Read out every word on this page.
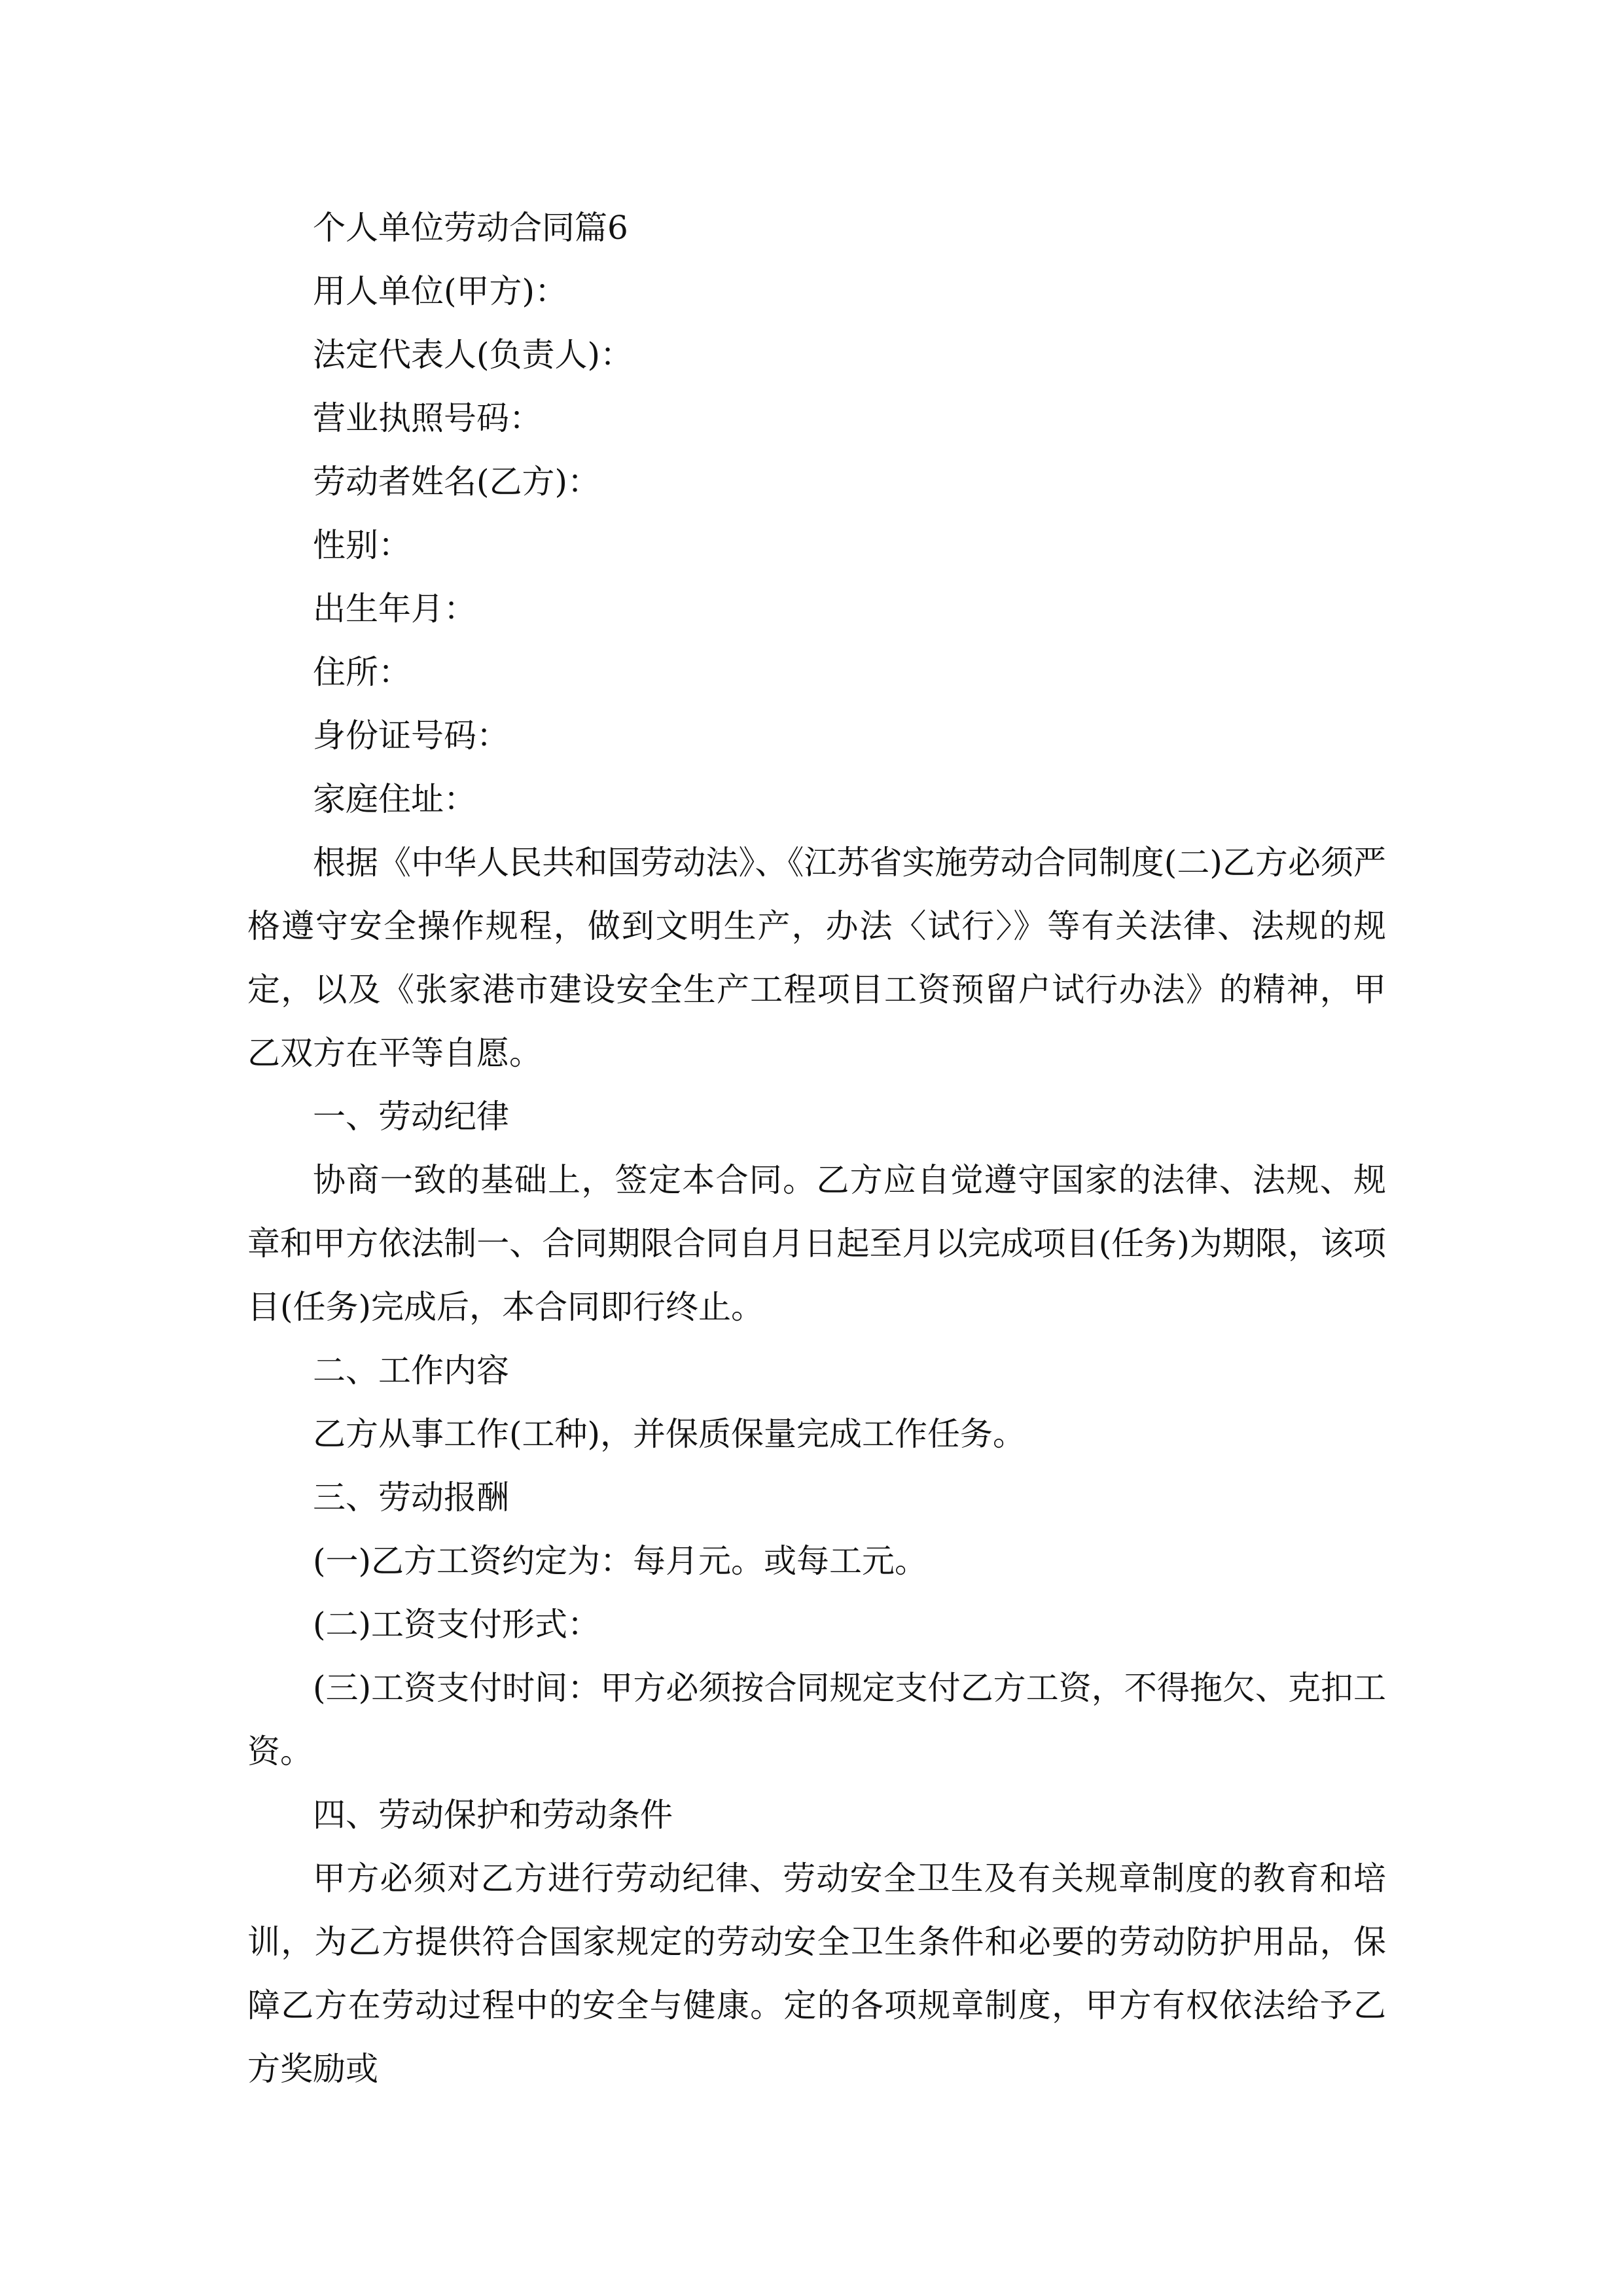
个人单位劳动合同篇6

用人单位(甲方)：

法定代表人(负责人)：

营业执照号码：

劳动者姓名(乙方)：

性别：

出生年月：

住所：

身份证号码：

家庭住址：

根据《中华人民共和国劳动法》、《江苏省实施劳动合同制度(二)乙方必须严格遵守安全操作规程，做到文明生产，办法〈试行〉》等有关法律、法规的规定，以及《张家港市建设安全生产工程项目工资预留户试行办法》的精神，甲乙双方在平等自愿。

一、劳动纪律

协商一致的基础上，签定本合同。乙方应自觉遵守国家的法律、法规、规章和甲方依法制一、合同期限合同自月日起至月以完成项目(任务)为期限，该项目(任务)完成后，本合同即行终止。

二、工作内容

乙方从事工作(工种)，并保质保量完成工作任务。

三、劳动报酬

(一)乙方工资约定为：每月元。或每工元。

(二)工资支付形式：

(三)工资支付时间：甲方必须按合同规定支付乙方工资，不得拖欠、克扣工资。

四、劳动保护和劳动条件

甲方必须对乙方进行劳动纪律、劳动安全卫生及有关规章制度的教育和培训，为乙方提供符合国家规定的劳动安全卫生条件和必要的劳动防护用品，保障乙方在劳动过程中的安全与健康。定的各项规章制度，甲方有权依法给予乙方奖励或
